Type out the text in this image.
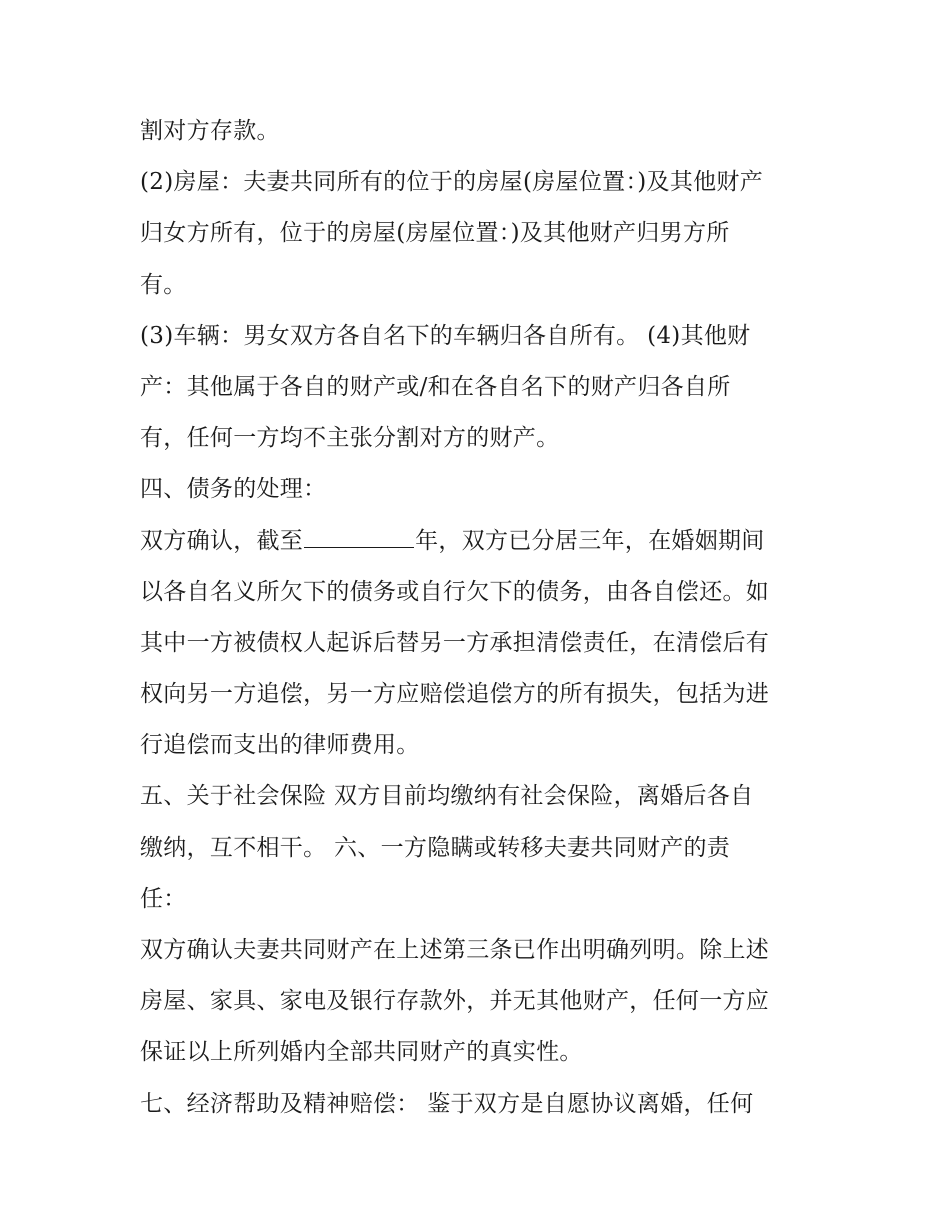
割对方存款。
(2)房屋：夫妻共同所有的位于的房屋(房屋位置：)及其他财产
归女方所有，位于的房屋(房屋位置：)及其他财产归男方所
有。
(3)车辆：男女双方各自名下的车辆归各自所有。 (4)其他财
产：其他属于各自的财产或/和在各自名下的财产归各自所
有，任何一方均不主张分割对方的财产。
四、债务的处理：
双方确认，截至	年，双方已分居三年，在婚姻期间
以各自名义所欠下的债务或自行欠下的债务，由各自偿还。如
其中一方被债权人起诉后替另一方承担清偿责任，在清偿后有
权向另一方追偿，另一方应赔偿追偿方的所有损失，包括为进
行追偿而支出的律师费用。
五、关于社会保险 双方目前均缴纳有社会保险，离婚后各自
缴纳，互不相干。 六、一方隐瞒或转移夫妻共同财产的责
任：
双方确认夫妻共同财产在上述第三条已作出明确列明。除上述
房屋、家具、家电及银行存款外，并无其他财产，任何一方应
保证以上所列婚内全部共同财产的真实性。
七、经济帮助及精神赔偿： 鉴于双方是自愿协议离婚，任何
